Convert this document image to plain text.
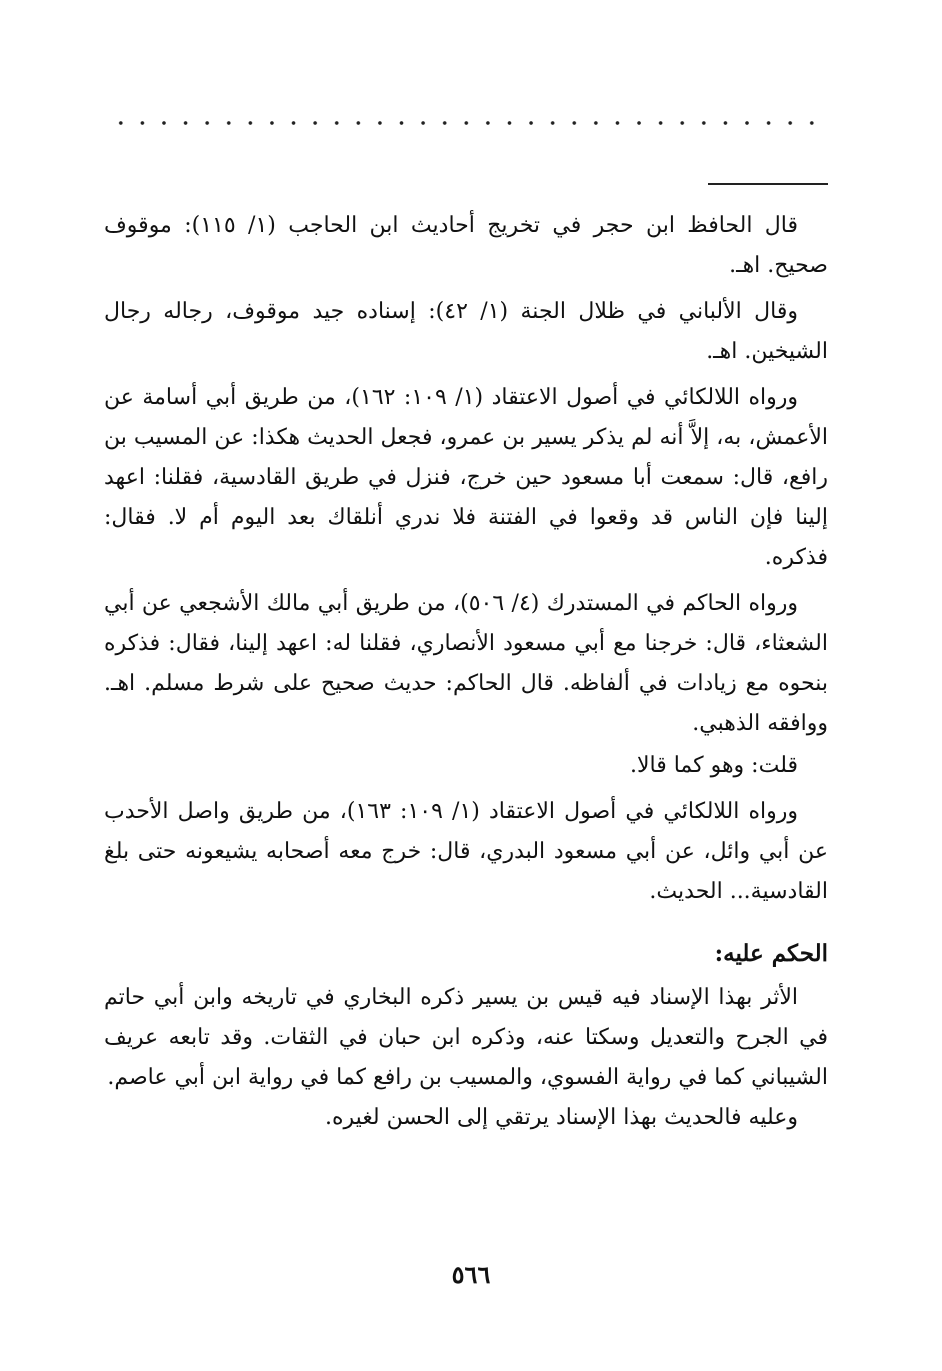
قال الحافظ ابن حجر في تخريج أحاديث ابن الحاجب (١/ ١١٥): موقوف صحيح. اهـ.

وقال الألباني في ظلال الجنة (١/ ٤٢): إسناده جيد موقوف، رجاله رجال الشيخين. اهـ.

ورواه اللالكائي في أصول الاعتقاد (١/ ١٠٩: ١٦٢)، من طريق أبي أسامة عن الأعمش، به، إلاَّ أنه لم يذكر يسير بن عمرو، فجعل الحديث هكذا: عن المسيب بن رافع، قال: سمعت أبا مسعود حين خرج، فنزل في طريق القادسية، فقلنا: اعهد إلينا فإن الناس قد وقعوا في الفتنة فلا ندري أنلقاك بعد اليوم أم لا. فقال: فذكره.

ورواه الحاكم في المستدرك (٤/ ٥٠٦)، من طريق أبي مالك الأشجعي عن أبي الشعثاء، قال: خرجنا مع أبي مسعود الأنصاري، فقلنا له: اعهد إلينا، فقال: فذكره بنحوه مع زيادات في ألفاظه. قال الحاكم: حديث صحيح على شرط مسلم. اهـ. ووافقه الذهبي.

قلت: وهو كما قالا.

ورواه اللالكائي في أصول الاعتقاد (١/ ١٠٩: ١٦٣)، من طريق واصل الأحدب عن أبي وائل، عن أبي مسعود البدري، قال: خرج معه أصحابه يشيعونه حتى بلغ القادسية... الحديث.

الحكم عليه:

الأثر بهذا الإسناد فيه قيس بن يسير ذكره البخاري في تاريخه وابن أبي حاتم في الجرح والتعديل وسكتا عنه، وذكره ابن حبان في الثقات. وقد تابعه عريف الشيباني كما في رواية الفسوي، والمسيب بن رافع كما في رواية ابن أبي عاصم.

وعليه فالحديث بهذا الإسناد يرتقي إلى الحسن لغيره.

٥٦٦
